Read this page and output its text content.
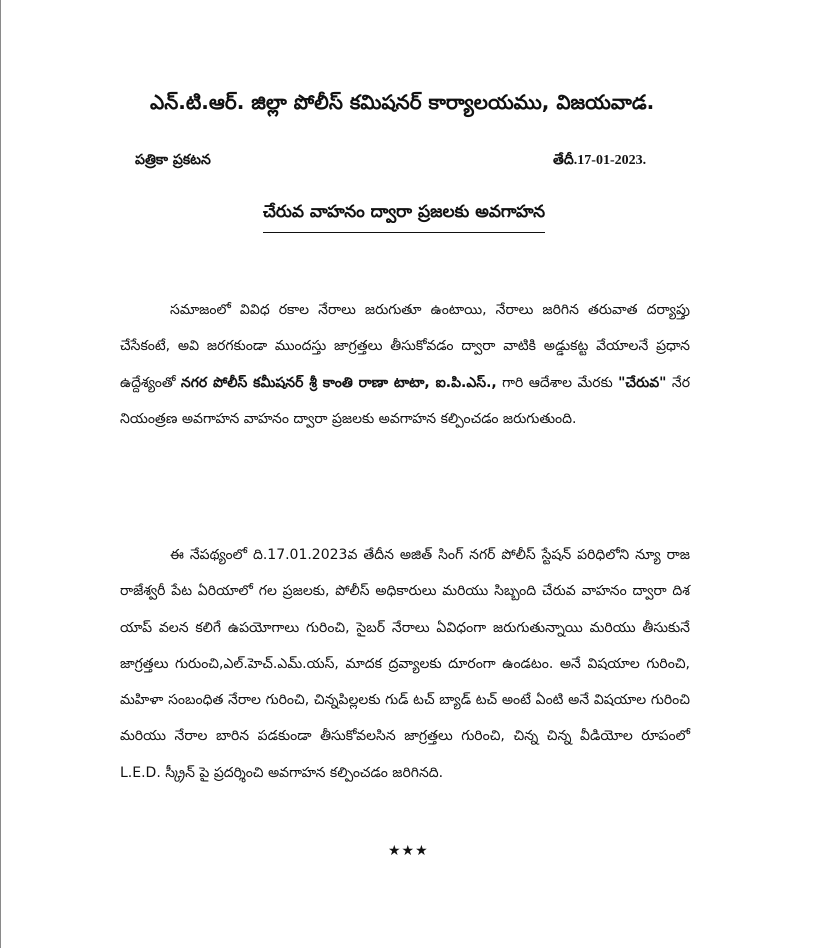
ఎన్.టి.ఆర్. జిల్లా పోలీస్ కమిషనర్ కార్యాలయము, విజయవాడ.
పత్రికా ప్రకటన	తేదీ.17-01-2023.
చేరువ వాహనం ద్వారా ప్రజలకు అవగాహన
సమాజంలో వివిధ రకాల నేరాలు జరుగుతూ ఉంటాయి, నేరాలు జరిగిన తరువాత దర్యాప్తు చేసేకంటే, అవి జరగకుండా ముందస్తు జాగ్రత్తలు తీసుకోవడం ద్వారా వాటికి అడ్డుకట్ట వేయాలనే ప్రధాన ఉద్దేశ్యంతో నగర పోలీస్ కమీషనర్ శ్రీ కాంతి రాణా టాటా, ఐ.పి.ఎస్., గారి ఆదేశాల మేరకు "చేరువ" నేర నియంత్రణ అవగాహన వాహనం ద్వారా ప్రజలకు అవగాహన కల్పించడం జరుగుతుంది.
ఈ నేపథ్యంలో ది.17.01.2023వ తేదీన అజిత్ సింగ్ నగర్ పోలీస్ స్టేషన్ పరిధిలోని న్యూ రాజ రాజేశ్వరీ పేట ఏరియాలో గల ప్రజలకు, పోలీస్ అధికారులు మరియు సిబ్బంది చేరువ వాహనం ద్వారా దిశ యాప్ వలన కలిగే ఉపయోగాలు గురించి, సైబర్ నేరాలు ఏవిధంగా జరుగుతున్నాయి మరియు తీసుకునే జాగ్రత్తలు గురుంచి,ఎల్.హెచ్.ఎమ్.యస్, మాదక ద్రవ్యాలకు దూరంగా ఉండటం. అనే విషయాల గురించి, మహిళా సంబంధిత నేరాల గురించి, చిన్నపిల్లలకు గుడ్ టచ్ బ్యాడ్ టచ్ అంటే ఏంటి అనే విషయాల గురించి మరియు నేరాల బారిన పడకుండా తీసుకోవలసిన జాగ్రత్తలు గురించి, చిన్న చిన్న వీడియోల రూపంలో L.E.D. స్క్రీన్ పై ప్రదర్శించి అవగాహన కల్పించడం జరిగినది.
★★★
